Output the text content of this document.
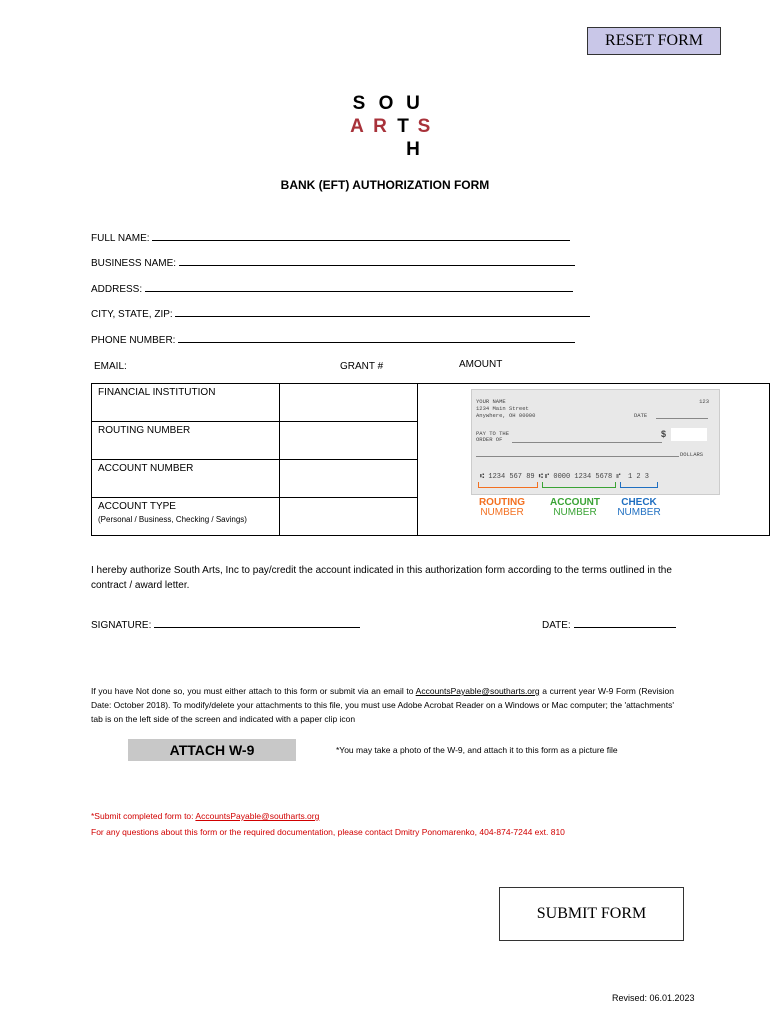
RESET FORM
S O U
A R T S
H
BANK (EFT) AUTHORIZATION FORM
FULL NAME:
BUSINESS NAME:
ADDRESS:
CITY, STATE, ZIP:
PHONE NUMBER:
EMAIL:	GRANT #	AMOUNT
FINANCIAL INSTITUTION		
ROUTING NUMBER		
ACCOUNT NUMBER		

ACCOUNT TYPE
(Personal / Business, Checking / Savings)		

YOUR NAME
1234 Main Street
Anywhere, OH 00000
123
DATE
PAY TO THE
ORDER OF
$
DOLLARS
⑆ 1234 567 89 ⑆ ⑈ 0000 1234 5678 ⑈ 1 2 3
ROUTING
NUMBER
ACCOUNT
NUMBER
CHECK
NUMBER
I hereby authorize South Arts, Inc to pay/credit the account indicated in this authorization form according to the terms outlined in the contract / award letter.
SIGNATURE:	DATE:
If you have Not done so, you must either attach to this form or submit via an email to AccountsPayable@southarts.org a current year W-9 Form (Revision Date: October 2018). To modify/delete your attachments to this file, you must use Adobe Acrobat Reader on a Windows or Mac computer; the 'attachments' tab is on the left side of the screen and indicated with a paper clip icon
ATTACH W-9	*You may take a photo of the W-9, and attach it to this form as a picture file
*Submit completed form to: AccountsPayable@southarts.org
For any questions about this form or the required documentation, please contact Dmitry Ponomarenko, 404-874-7244 ext. 810
SUBMIT FORM
Revised: 06.01.2023
